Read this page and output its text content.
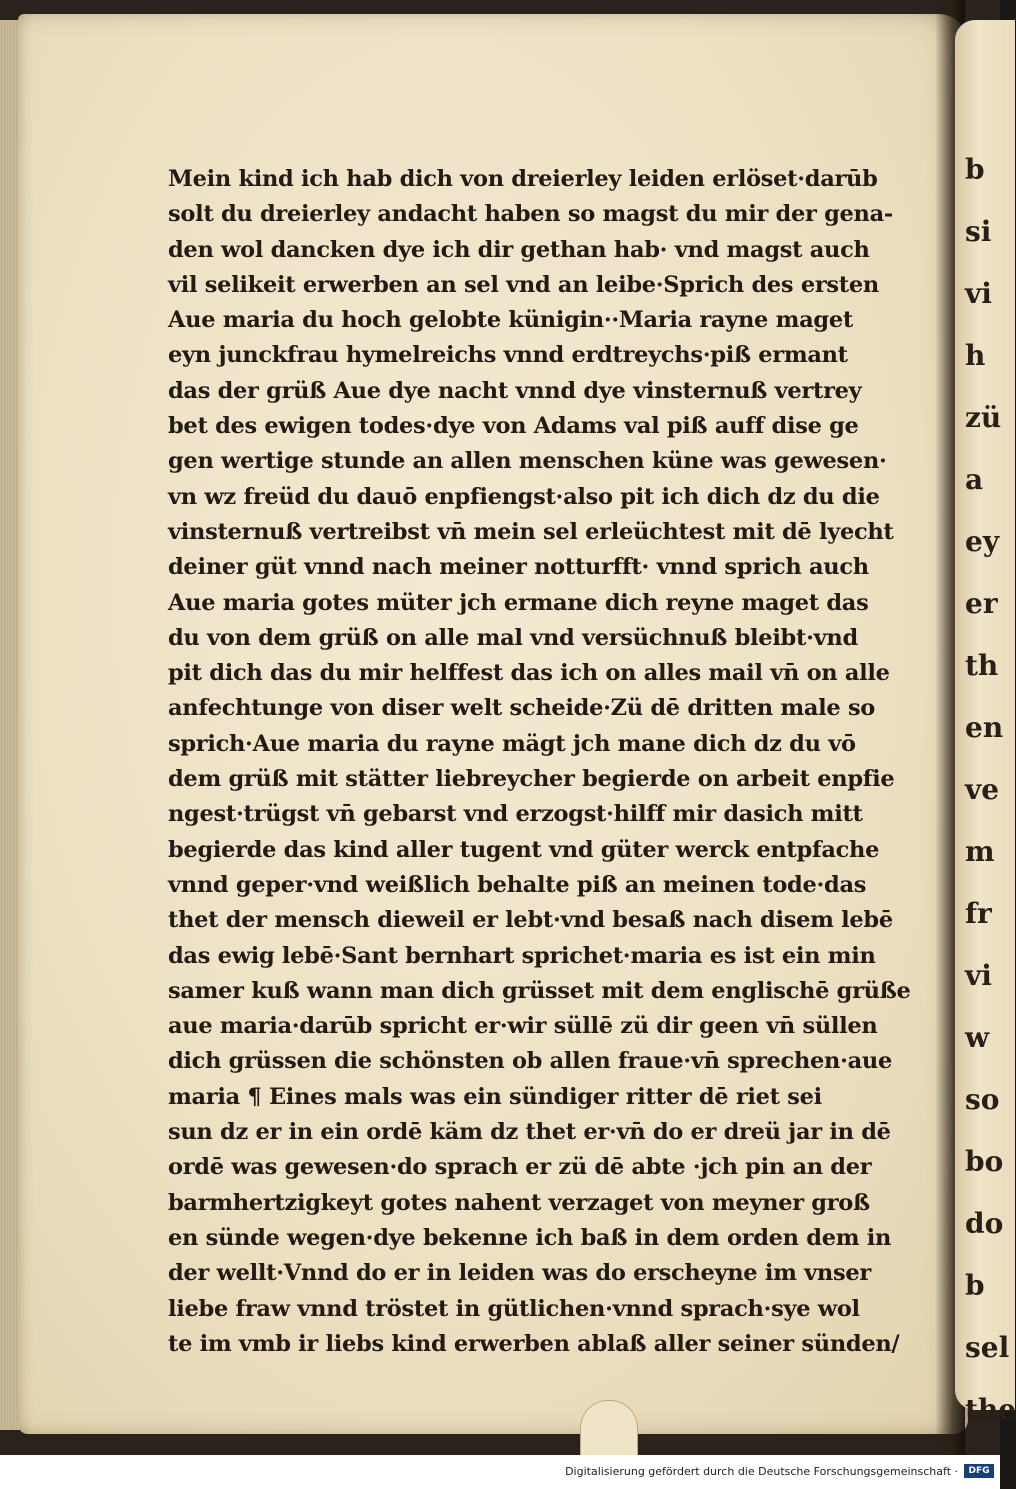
Mein kind ich hab dich von dreierley leiden erlöset·darūb
solt du dreierley andacht haben so magst du mir der gena-
den wol dancken dye ich dir gethan hab· vnd magst auch
vil selikeit erwerben an sel vnd an leibe·Sprich des ersten
Aue maria du hoch gelobte künigin··Maria rayne maget
eyn junckfrau hymelreichs vnnd erdtreychs·piß ermant
das der grüß Aue dye nacht vnnd dye vinsternuß vertrey
bet des ewigen todes·dye von Adams val piß auff dise ge
gen wertige stunde an allen menschen küne was gewesen·
vn wz freüd du dauō enpfiengst·also pit ich dich dz du die
vinsternuß vertreibst vn̄ mein sel erleüchtest mit dē lyecht
deiner güt vnnd nach meiner notturfft· vnnd sprich auch
Aue maria gotes müter jch ermane dich reyne maget das
du von dem grüß on alle mal vnd versüchnuß bleibt·vnd
pit dich das du mir helffest das ich on alles mail vn̄ on alle
anfechtunge von diser welt scheide·Zü dē dritten male so
sprich·Aue maria du rayne mägt jch mane dich dz du vō
dem grüß mit stätter liebreycher begierde on arbeit enpfie
ngest·trügst vn̄ gebarst vnd erzogst·hilff mir dasich mitt
begierde das kind aller tugent vnd güter werck entpfache
vnnd geper·vnd weißlich behalte piß an meinen tode·das
thet der mensch dieweil er lebt·vnd besaß nach disem lebē
das ewig lebē·Sant bernhart sprichet·maria es ist ein min
samer kuß wann man dich grüsset mit dem englischē grüße
aue maria·darūb spricht er·wir süllē zü dir geen vn̄ süllen
dich grüssen die schönsten ob allen fraue·vn̄ sprechen·aue
maria ¶ Eines mals was ein sündiger ritter dē riet sei
sun dz er in ein ordē käm dz thet er·vn̄ do er dreü jar in dē
ordē was gewesen·do sprach er zü dē abte ·jch pin an der
barmhertzigkeyt gotes nahent verzaget von meyner groß
en sünde wegen·dye bekenne ich baß in dem orden dem in
der wellt·Vnnd do er in leiden was do erscheyne im vnser
liebe fraw vnnd tröstet in gütlichen·vnnd sprach·sye wol
te im vmb ir liebs kind erwerben ablaß aller seiner sünden/
b
si
vi
h
zü
a
ey
er
th
en
ve
m
fr
vi
w
so
bo
do
b
sel
the
Digitalisierung gefördert durch die Deutsche Forschungsgemeinschaft ·	DFG
